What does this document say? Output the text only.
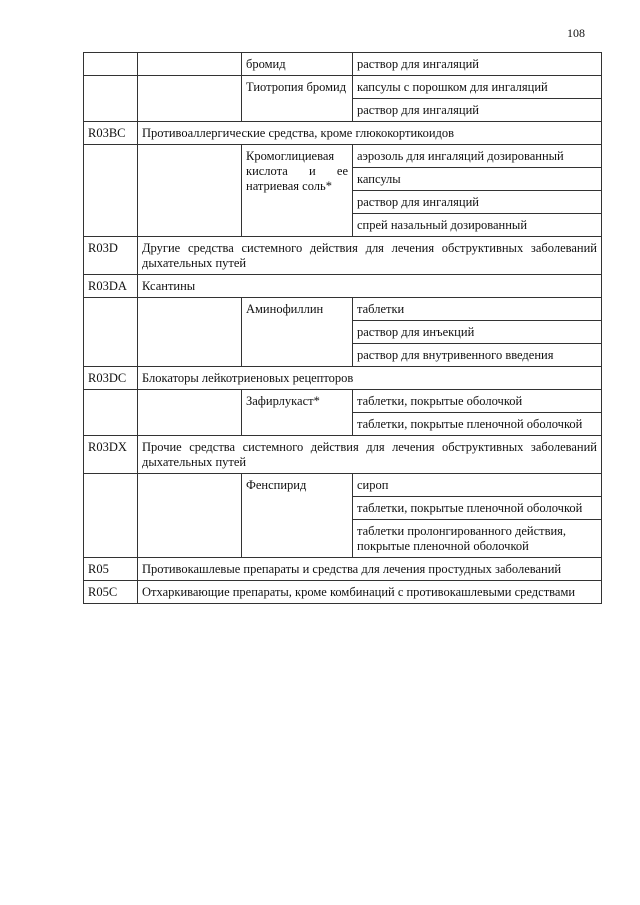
108
		бромид	раствор для ингаляций
		Тиотропия бромид	капсулы с порошком для ингаляций
			раствор для ингаляций
R03BC	Противоаллергические средства, кроме глюкокортикоидов		
		Кромоглициевая кислота и ее натриевая соль*	аэрозоль для ингаляций дозированный
			капсулы
			раствор для ингаляций
			спрей назальный дозированный
R03D	Другие средства системного действия для лечения обструктивных заболеваний дыхательных путей		
R03DA	Ксантины		
		Аминофиллин	таблетки
			раствор для инъекций
			раствор для внутривенного введения
R03DC	Блокаторы лейкотриеновых рецепторов		
		Зафирлукаст*	таблетки, покрытые оболочкой
			таблетки, покрытые пленочной оболочкой
R03DX	Прочие средства системного действия для лечения обструктивных заболеваний дыхательных путей		
		Фенспирид	сироп
			таблетки, покрытые пленочной оболочкой
			таблетки пролонгированного действия, покрытые пленочной оболочкой
R05	Противокашлевые препараты и средства для лечения простудных заболеваний		
R05C	Отхаркивающие препараты, кроме комбинаций с противокашлевыми средствами		
